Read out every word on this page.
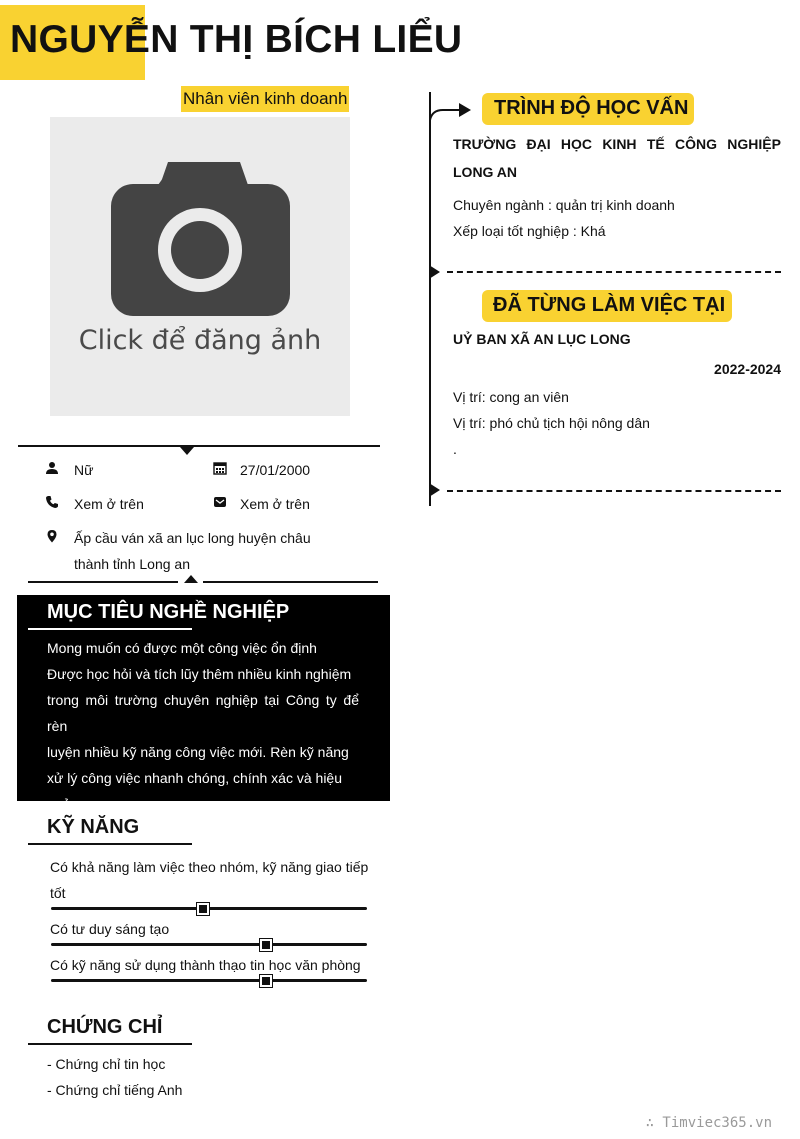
NGUYỄN THỊ BÍCH LIỂU
Nhân viên kinh doanh
Click để đăng ảnh
Nữ	27/01/2000
Xem ở trên	Xem ở trên
Ấp cầu ván xã an lục long huyện châu
thành tỉnh Long an
MỤC TIÊU NGHỀ NGHIỆP
Mong muốn có được một công việc ổn định
Được học hỏi và tích lũy thêm nhiều kinh nghiệm
trong môi trường chuyên nghiệp tại Công ty để rèn
luyện nhiều kỹ năng công việc mới. Rèn kỹ năng
xử lý công việc nhanh chóng, chính xác và hiệu
quả
KỸ NĂNG
Có khả năng làm việc theo nhóm, kỹ năng giao tiếp
tốt
Có tư duy sáng tạo
Có kỹ năng sử dụng thành thạo tin học văn phòng
CHỨNG CHỈ
- Chứng chỉ tin học
- Chứng chỉ tiếng Anh
TRÌNH ĐỘ HỌC VẤN
TRƯỜNG ĐẠI HỌC KINH TẾ CÔNG NGHIỆP
LONG AN
Chuyên ngành : quản trị kinh doanh
Xếp loại tốt nghiệp : Khá
ĐÃ TỪNG LÀM VIỆC TẠI
UỶ BAN XÃ AN LỤC LONG
2022-2024
Vị trí: cong an viên
Vị trí: phó chủ tịch hội nông dân
.
∴ Timviec365.vn
